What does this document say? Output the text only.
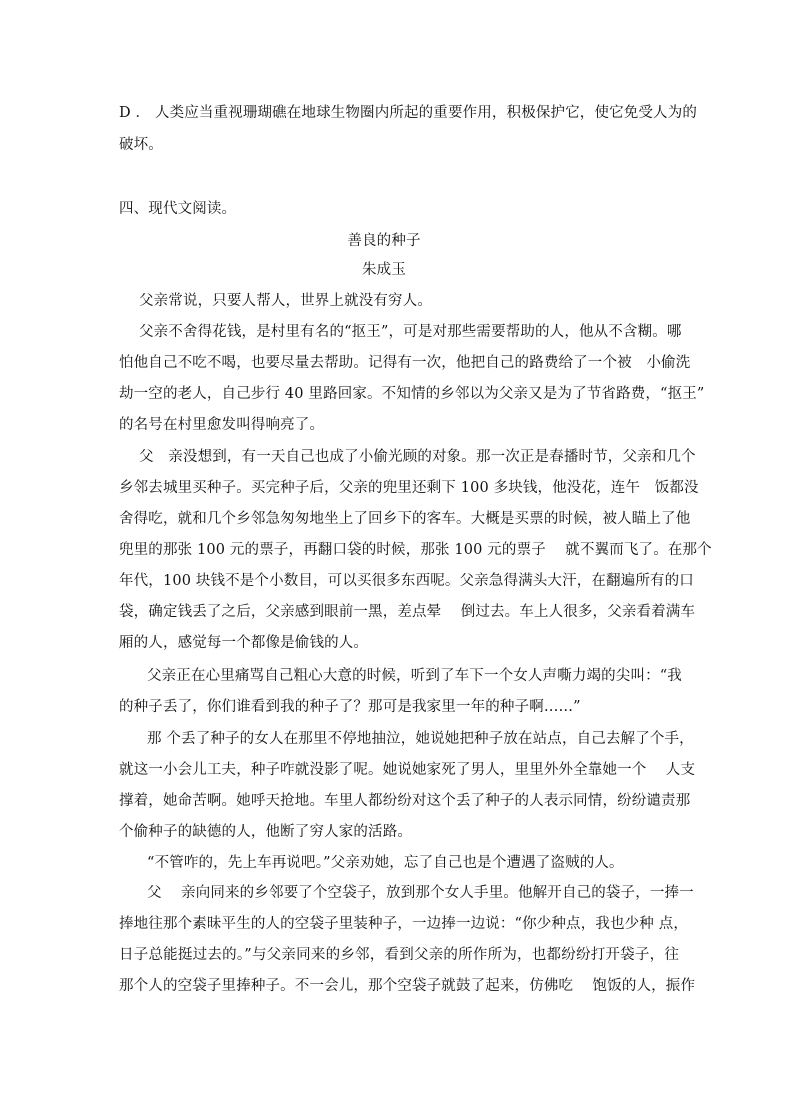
D ． 人类应当重视珊瑚礁在地球生物圈内所起的重要作用，积极保护它，使它免受人为的
破坏。
四、现代文阅读。
善良的种子
朱成玉
父亲常说，只要人帮人，世界上就没有穷人。
父亲不舍得花钱，是村里有名的“抠王”，可是对那些需要帮助的人，他从不含糊。哪
怕他自己不吃不喝，也要尽量去帮助。记得有一次，他把自己的路费给了一个被　小偷洗
劫一空的老人，自己步行 40 里路回家。不知情的乡邻以为父亲又是为了节省路费，“抠王”
的名号在村里愈发叫得响亮了。
父　亲没想到，有一天自己也成了小偷光顾的对象。那一次正是春播时节，父亲和几个
乡邻去城里买种子。买完种子后，父亲的兜里还剩下 100 多块钱，他没花，连午　饭都没
舍得吃，就和几个乡邻急匆匆地坐上了回乡下的客车。大概是买票的时候，被人瞄上了他
兜里的那张 100 元的票子，再翻口袋的时候，那张 100 元的票子　 就不翼而飞了。在那个
年代，100 块钱不是个小数目，可以买很多东西呢。父亲急得满头大汗，在翻遍所有的口
袋，确定钱丢了之后，父亲感到眼前一黑，差点晕　 倒过去。车上人很多，父亲看着满车
厢的人，感觉每一个都像是偷钱的人。
父亲正在心里痛骂自己粗心大意的时候，听到了车下一个女人声嘶力竭的尖叫：“我
的种子丢了，你们谁看到我的种子了？那可是我家里一年的种子啊……”
那 个丢了种子的女人在那里不停地抽泣，她说她把种子放在站点，自己去解了个手，
就这一小会儿工夫，种子咋就没影了呢。她说她家死了男人，里里外外全靠她一个　 人支
撑着，她命苦啊。她呼天抢地。车里人都纷纷对这个丢了种子的人表示同情，纷纷谴责那
个偷种子的缺德的人，他断了穷人家的活路。
“不管咋的，先上车再说吧。”父亲劝她，忘了自己也是个遭遇了盗贼的人。
父　 亲向同来的乡邻要了个空袋子，放到那个女人手里。他解开自己的袋子，一捧一
捧地往那个素昧平生的人的空袋子里装种子，一边捧一边说：“你少种点，我也少种 点，
日子总能挺过去的。”与父亲同来的乡邻，看到父亲的所作所为，也都纷纷打开袋子，往
那个人的空袋子里捧种子。不一会儿，那个空袋子就鼓了起来，仿佛吃　 饱饭的人，振作
